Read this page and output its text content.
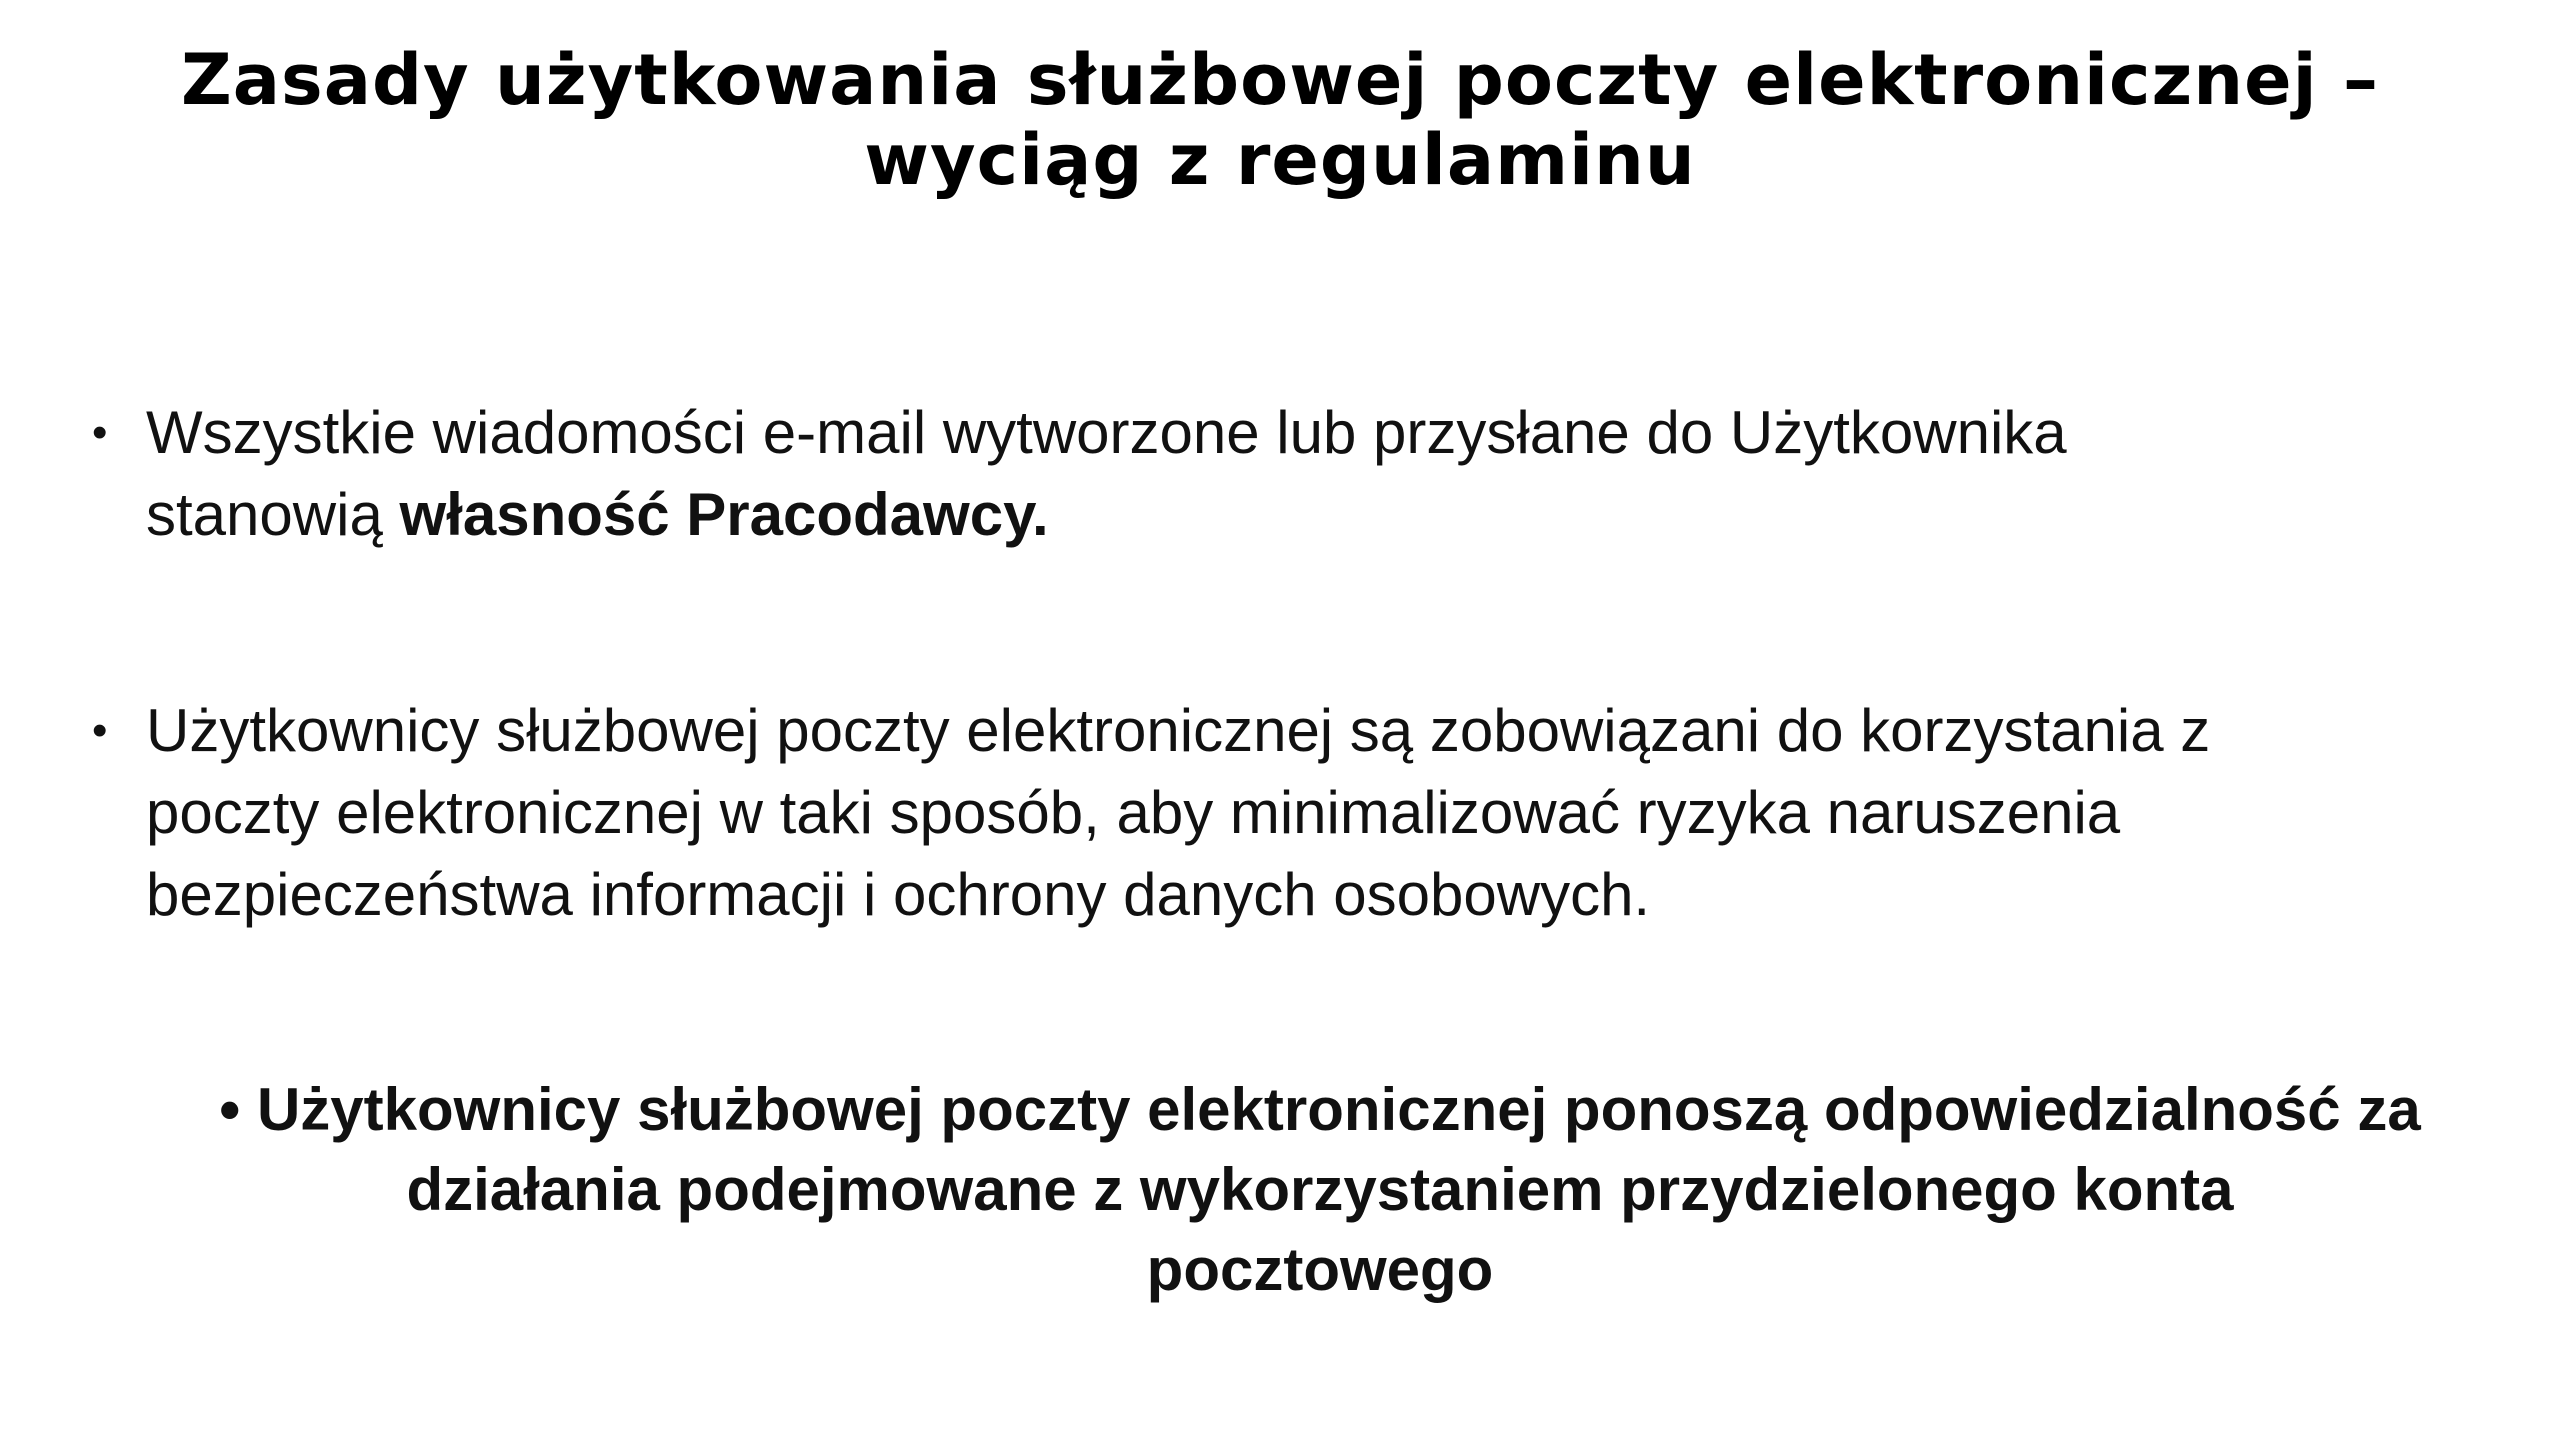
Zasady użytkowania służbowej poczty elektronicznej –
wyciąg z regulaminu
• Wszystkie wiadomości e-mail wytworzone lub przysłane do Użytkownika
stanowią własność Pracodawcy.
• Użytkownicy służbowej poczty elektronicznej są zobowiązani do korzystania z
poczty elektronicznej w taki sposób, aby minimalizować ryzyka naruszenia
bezpieczeństwa informacji i ochrony danych osobowych.
• Użytkownicy służbowej poczty elektronicznej ponoszą odpowiedzialność za
działania podejmowane z wykorzystaniem przydzielonego konta
pocztowego
